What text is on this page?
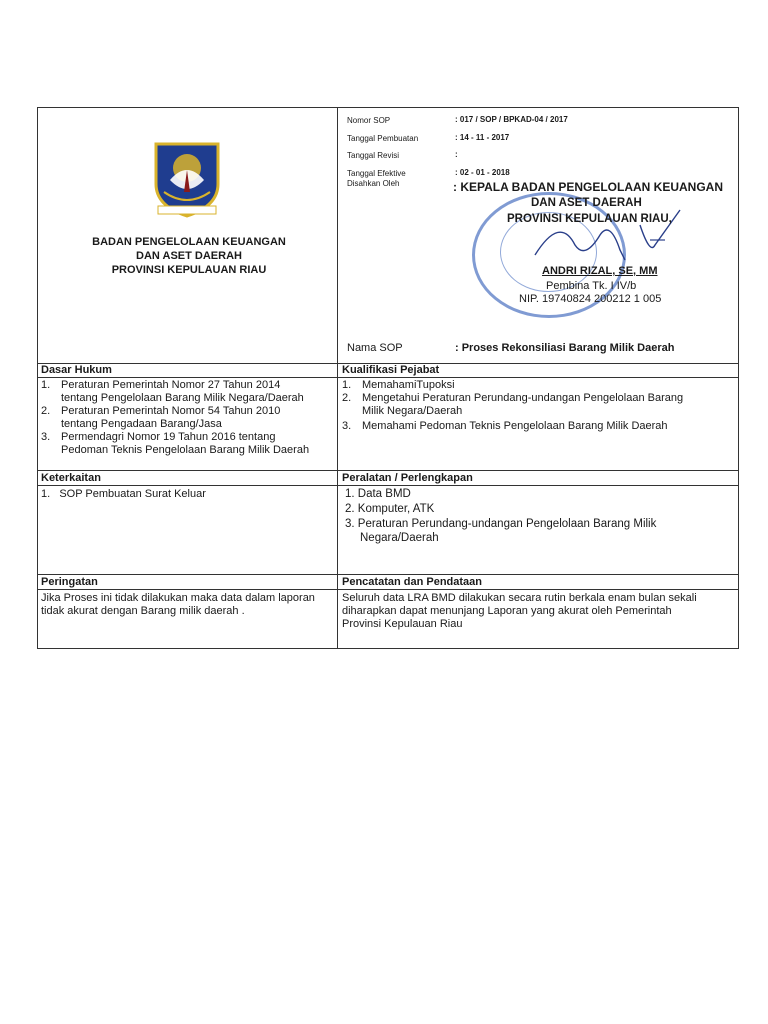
BADAN PENGELOLAAN KEUANGAN
DAN ASET DAERAH
PROVINSI KEPULAUAN RIAU
Nomor SOP	: 017 / SOP / BPKAD-04 / 2017
Tanggal Pembuatan	: 14 - 11 - 2017
Tanggal Revisi	:
Tanggal Efektive	: 02 - 01 - 2018
Disahkan Oleh	: KEPALA BADAN PENGELOLAAN KEUANGAN
DAN ASET DAERAH
PROVINSI KEPULAUAN RIAU,
ANDRI RIZAL, SE, MM
Pembina Tk. I IV/b
NIP. 19740824 200212 1 005
Nama SOP	: Proses Rekonsiliasi Barang Milik Daerah
Dasar Hukum
1. Peraturan Pemerintah Nomor 27 Tahun 2014
tentang Pengelolaan Barang Milik Negara/Daerah
2. Peraturan Pemerintah Nomor 54 Tahun 2010
tentang Pengadaan Barang/Jasa
3. Permendagri Nomor 19 Tahun 2016 tentang
Pedoman Teknis Pengelolaan Barang Milik Daerah
Kualifikasi Pejabat
1. MemahamiTupoksi
2. Mengetahui Peraturan Perundang-undangan Pengelolaan Barang
Milik Negara/Daerah
3. Memahami Pedoman Teknis Pengelolaan Barang Milik Daerah
Keterkaitan
1.   SOP Pembuatan Surat Keluar
Peralatan / Perlengkapan
1. Data BMD
2. Komputer, ATK
3. Peraturan Perundang-undangan Pengelolaan Barang Milik
Negara/Daerah
Peringatan
Jika Proses ini tidak dilakukan maka data dalam laporan
tidak akurat dengan Barang milik daerah .
Pencatatan dan Pendataan
Seluruh data LRA BMD dilakukan secara rutin berkala enam bulan sekali
diharapkan dapat menunjang Laporan yang akurat oleh Pemerintah
Provinsi Kepulauan Riau
